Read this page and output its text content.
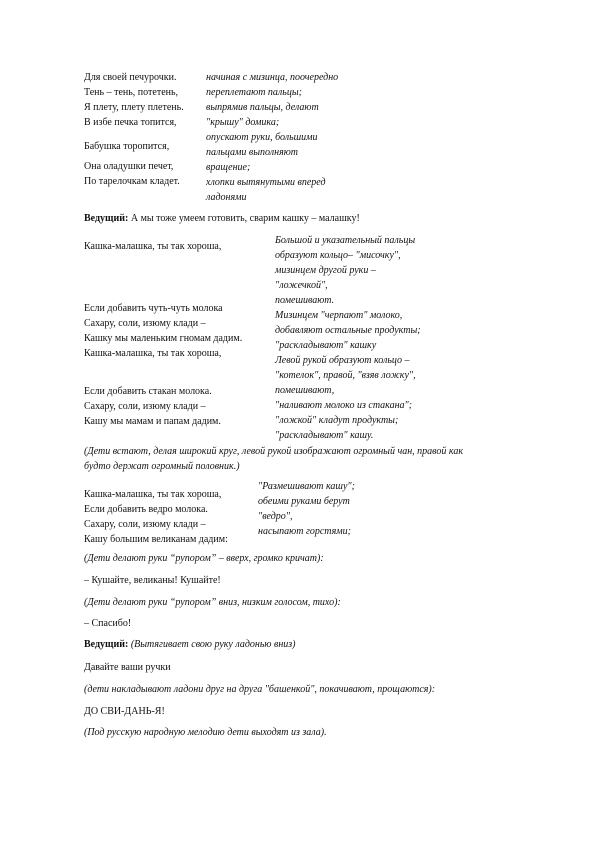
Для своей печурочки.
Тень – тень, потетень,
Я плету, плету плетень.
В избе печка топится,
Бабушка торопится,
Она оладушки печет,
По тарелочкам кладет.
начиная с мизинца, поочередно
переплетают пальцы;
выпрямив пальцы, делают
"крышу" домика;
опускают руки, большими
пальцами выполняют
вращение;
хлопки вытянутыми вперед
ладонями
Ведущий: А мы тоже умеем готовить, сварим кашку – малашку!
Кашка-малашка, ты так хороша,
Если добавить чуть-чуть молока
Сахару, соли, изюму клади –
Кашку мы маленьким гномам дадим.
Кашка-малашка, ты так хороша,
Если добавить стакан молока.
Сахару, соли, изюму клади –
Кашу мы мамам и папам дадим.
Большой и указательный пальцы
образуют кольцо– "мисочку",
мизинцем другой руки –
"ложечкой",
помешивают.
Мизинцем "черпают" молоко,
добавляют остальные продукты;
"раскладывают" кашку
Левой рукой образуют кольцо –
"котелок", правой, "взяв ложку",
помешивают,
"наливают молоко из стакана";
"ложкой" кладут продукты;
"раскладывают" кашу.
(Дети встают, делая широкий круг, левой рукой изображают огромный чан, правой как
будто держат огромный половник.)
Кашка-малашка, ты так хороша,
Если добавить ведро молока.
Сахару, соли, изюму клади –
Кашу большим великанам дадим:
"Размешивают кашу";
обеими руками берут
"ведро",
насыпают горстями;
(Дети делают руки “рупором” – вверх, громко кричат):
– Кушайте, великаны! Кушайте!
(Дети делают руки “рупором” вниз, низким голосом, тихо):
– Спасибо!
Ведущий: (Вытягивает свою руку ладонью вниз)
Давайте ваши ручки
(дети накладывают ладони друг на друга "башенкой", покачивают, прощаются):
ДО СВИ-ДАНЬ-Я!
(Под русскую народную мелодию дети выходят из зала).
